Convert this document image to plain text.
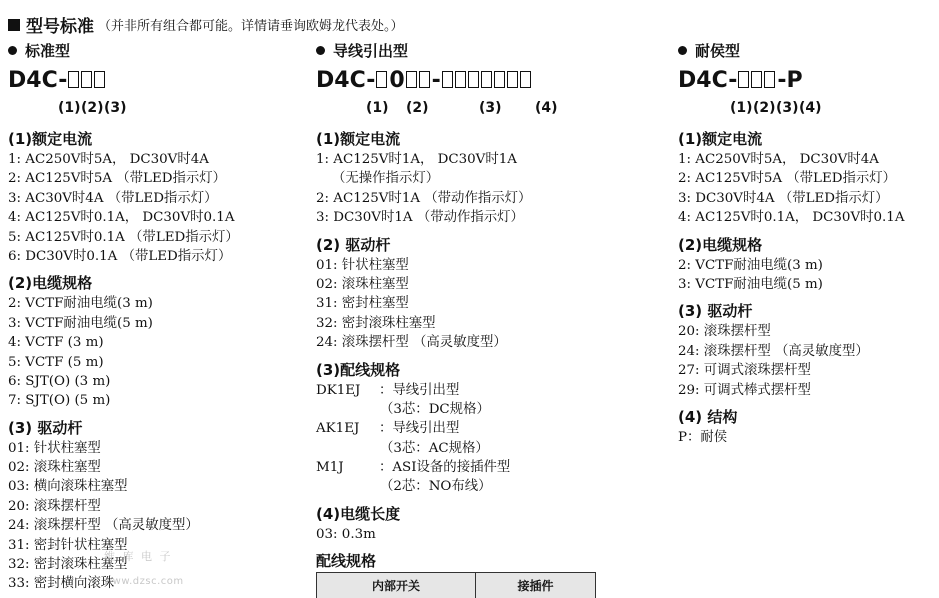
型号标准 （并非所有组合都可能。详情请垂询欧姆龙代表处。）
标准型
D4C-
(1) (2) (3)
(1)额定电流
1: AC250V时5A， DC30V时4A
2: AC125V时5A （带LED指示灯）
3: AC30V时4A （带LED指示灯）
4: AC125V时0.1A， DC30V时0.1A
5: AC125V时0.1A （带LED指示灯）
6: DC30V时0.1A （带LED指示灯）
(2)电缆规格
2: VCTF耐油电缆(3 m)
3: VCTF耐油电缆(5 m)
4: VCTF (3 m)
5: VCTF (5 m)
6: SJT(O) (3 m)
7: SJT(O) (5 m)
(3) 驱动杆
01: 针状柱塞型
02: 滚珠柱塞型
03: 横向滚珠柱塞型
20: 滚珠摆杆型
24: 滚珠摆杆型 （高灵敏度型）
31: 密封针状柱塞型
32: 密封滚珠柱塞型
33: 密封横向滚珠
导线引出型
D4C- 0 -
(1) (2)	(3) (4)
(1)额定电流
1: AC125V时1A， DC30V时1A
（无操作指示灯）
2: AC125V时1A （带动作指示灯）
3: DC30V时1A （带动作指示灯）
(2) 驱动杆
01: 针状柱塞型
02: 滚珠柱塞型
31: 密封柱塞型
32: 密封滚珠柱塞型
24: 滚珠摆杆型 （高灵敏度型）
(3)配线规格
DK1EJ	：导线引出型
（3芯：DC规格）
AK1EJ	：导线引出型
（3芯：AC规格）
M1J	：ASI设备的接插件型
（2芯：NO布线）
(4)电缆长度
03: 0.3m
配线规格
内部开关	接插件
耐侯型
D4C- -P
(1) (2) (3) (4)
(1)额定电流
1: AC250V时5A， DC30V时4A
2: AC125V时5A （带LED指示灯）
3: DC30V时4A （带LED指示灯）
4: AC125V时0.1A， DC30V时0.1A
(2)电缆规格
2: VCTF耐油电缆(3 m)
3: VCTF耐油电缆(5 m)
(3) 驱动杆
20: 滚珠摆杆型
24: 滚珠摆杆型 （高灵敏度型）
27: 可调式滚珠摆杆型
29: 可调式棒式摆杆型
(4) 结构
P：耐侯
维 库 电 子
www.dzsc.com
